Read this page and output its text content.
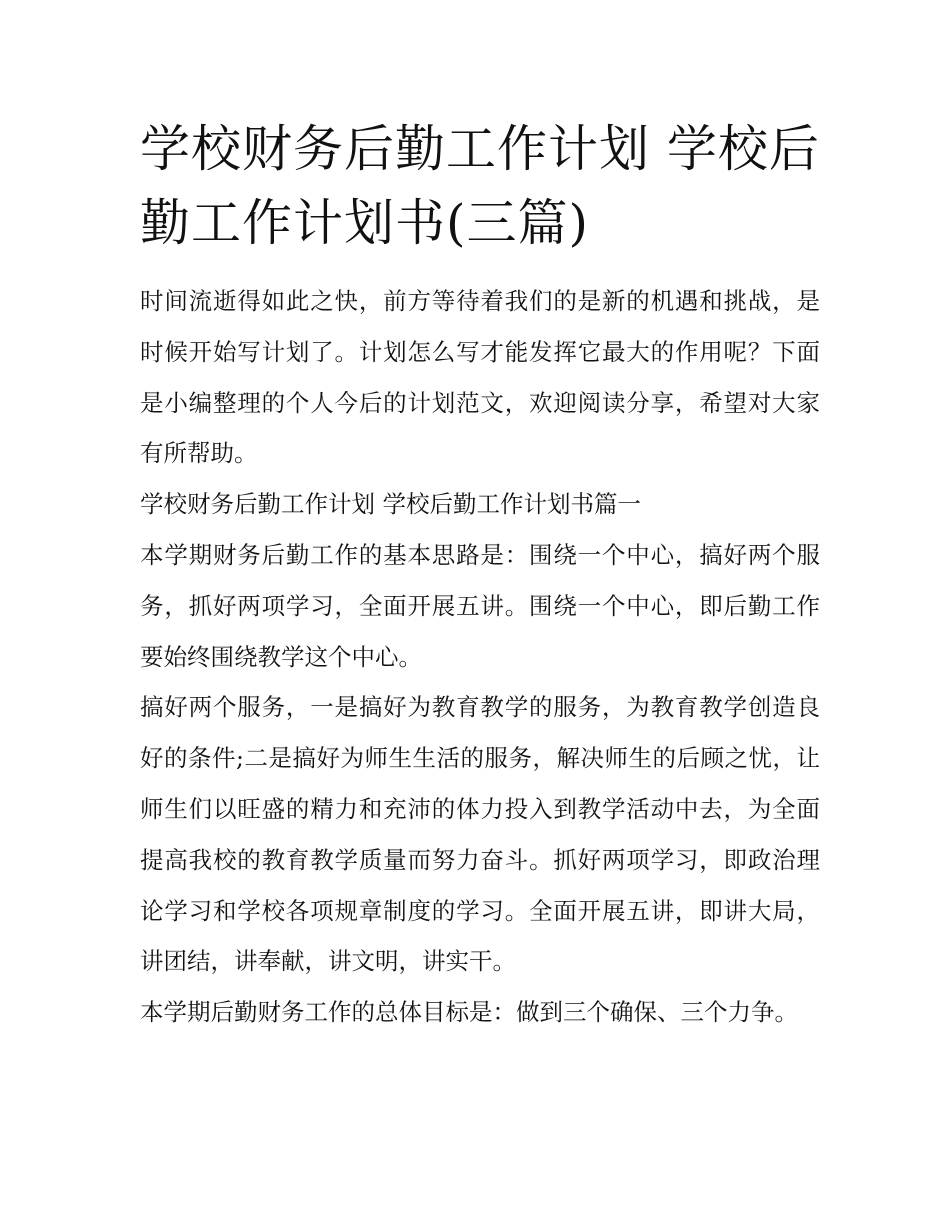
学校财务后勤工作计划 学校后勤工作计划书(三篇)

时间流逝得如此之快，前方等待着我们的是新的机遇和挑战，是时候开始写计划了。计划怎么写才能发挥它最大的作用呢？下面是小编整理的个人今后的计划范文，欢迎阅读分享，希望对大家有所帮助。

学校财务后勤工作计划 学校后勤工作计划书篇一

本学期财务后勤工作的基本思路是：围绕一个中心，搞好两个服务，抓好两项学习，全面开展五讲。围绕一个中心，即后勤工作要始终围绕教学这个中心。

搞好两个服务，一是搞好为教育教学的服务，为教育教学创造良好的条件;二是搞好为师生生活的服务，解决师生的后顾之忧，让师生们以旺盛的精力和充沛的体力投入到教学活动中去，为全面提高我校的教育教学质量而努力奋斗。抓好两项学习，即政治理论学习和学校各项规章制度的学习。全面开展五讲，即讲大局，讲团结，讲奉献，讲文明，讲实干。

本学期后勤财务工作的总体目标是：做到三个确保、三个力争。
